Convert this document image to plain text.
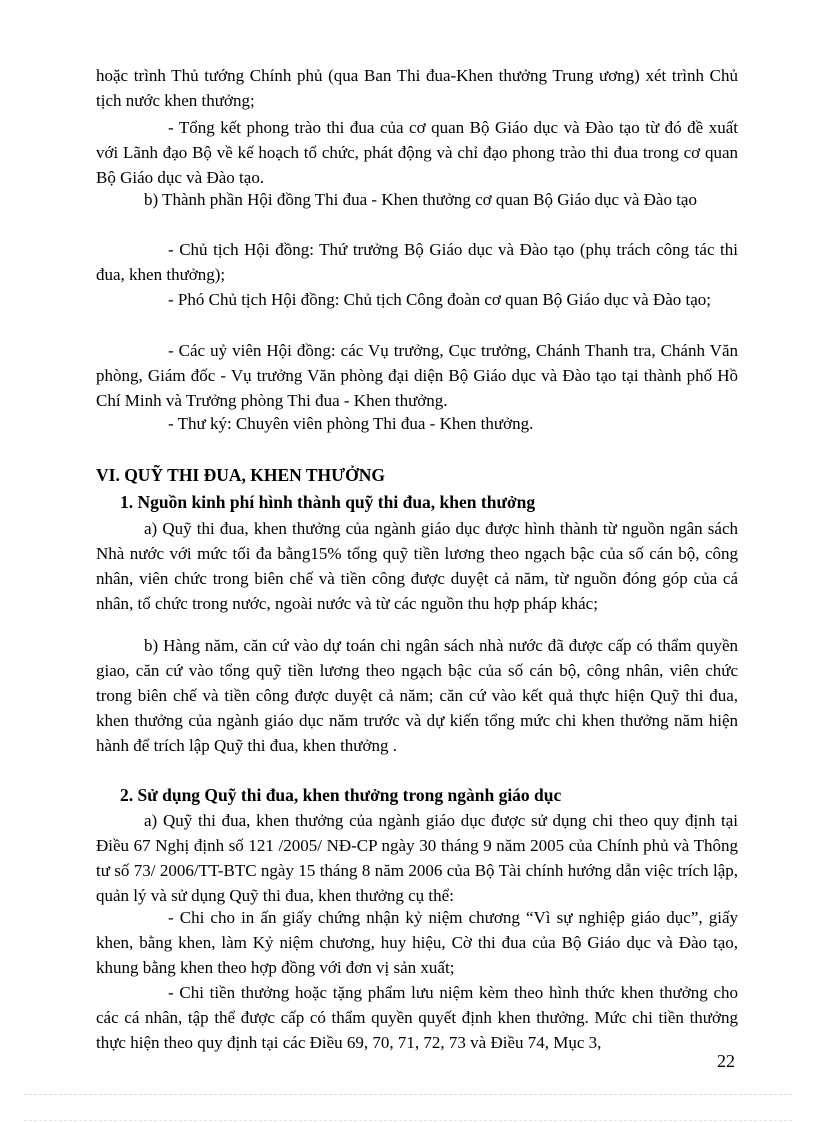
hoặc trình Thủ tướng Chính phủ (qua Ban Thi đua-Khen thưởng Trung ương) xét trình Chủ tịch nước khen thưởng;

- Tổng kết phong trào thi đua của cơ quan Bộ Giáo dục và Đào tạo từ đó đề xuất với Lãnh đạo Bộ về kế hoạch tổ chức, phát động và chỉ đạo phong trào thi đua trong cơ quan Bộ Giáo dục và Đào tạo.

b) Thành phần Hội đồng Thi đua - Khen thưởng cơ quan Bộ Giáo dục và Đào tạo

- Chủ tịch Hội đồng: Thứ trưởng Bộ Giáo dục và Đào tạo (phụ trách công tác thi đua, khen thưởng);

- Phó Chủ tịch Hội đồng: Chủ tịch Công đoàn cơ quan Bộ Giáo dục và Đào tạo;

- Các uỷ viên Hội đồng: các Vụ trưởng, Cục trưởng, Chánh Thanh tra, Chánh Văn phòng, Giám đốc - Vụ trưởng Văn phòng đại diện Bộ Giáo dục và Đào tạo tại thành phố Hồ Chí Minh và Trưởng phòng Thi đua - Khen thưởng.

- Thư ký: Chuyên viên phòng Thi đua - Khen thưởng.

VI. QUỸ THI ĐUA, KHEN THƯỞNG

1. Nguồn kinh phí hình thành quỹ thi đua, khen thưởng

a) Quỹ thi đua, khen thưởng của ngành giáo dục được hình thành từ nguồn ngân sách Nhà nước với mức tối đa bằng15% tổng quỹ tiền lương theo ngạch bậc của số cán bộ, công nhân, viên chức trong biên chế và tiền công được duyệt cả năm, từ nguồn đóng góp của cá nhân, tổ chức trong nước, ngoài nước và từ các nguồn thu hợp pháp khác;

b) Hàng năm, căn cứ vào dự toán chi ngân sách nhà nước đã được cấp có thẩm quyền giao, căn cứ vào tổng quỹ tiền lương theo ngạch bậc của số cán bộ, công nhân, viên chức trong biên chế và tiền công được duyệt cả năm; căn cứ vào kết quả thực hiện Quỹ thi đua, khen thưởng của ngành giáo dục năm trước và dự kiến tổng mức chi khen thưởng năm hiện hành để trích lập Quỹ thi đua, khen thưởng .

2. Sử dụng Quỹ thi đua, khen thưởng trong ngành giáo dục

a) Quỹ thi đua, khen thưởng của ngành giáo dục được sử dụng chi theo quy định tại Điều 67 Nghị định số 121 /2005/ NĐ-CP ngày 30 tháng 9 năm 2005 của Chính phủ và Thông tư số 73/ 2006/TT-BTC ngày 15 tháng 8 năm 2006 của Bộ Tài chính hướng dẫn việc trích lập, quản lý và sử dụng Quỹ thi đua, khen thưởng cụ thể:

- Chi cho in ấn giấy chứng nhận kỷ niệm chương “Vì sự nghiệp giáo dục”, giấy khen, bằng khen, làm Kỷ niệm chương, huy hiệu, Cờ thi đua của Bộ Giáo dục và Đào tạo, khung bằng khen theo hợp đồng với đơn vị sản xuất;

- Chi tiền thưởng hoặc tặng phẩm lưu niệm kèm theo hình thức khen thưởng cho các cá nhân, tập thể được cấp có thẩm quyền quyết định khen thưởng. Mức chi tiền thưởng thực hiện theo quy định tại các Điều 69, 70, 71, 72, 73 và Điều 74, Mục 3,

22
